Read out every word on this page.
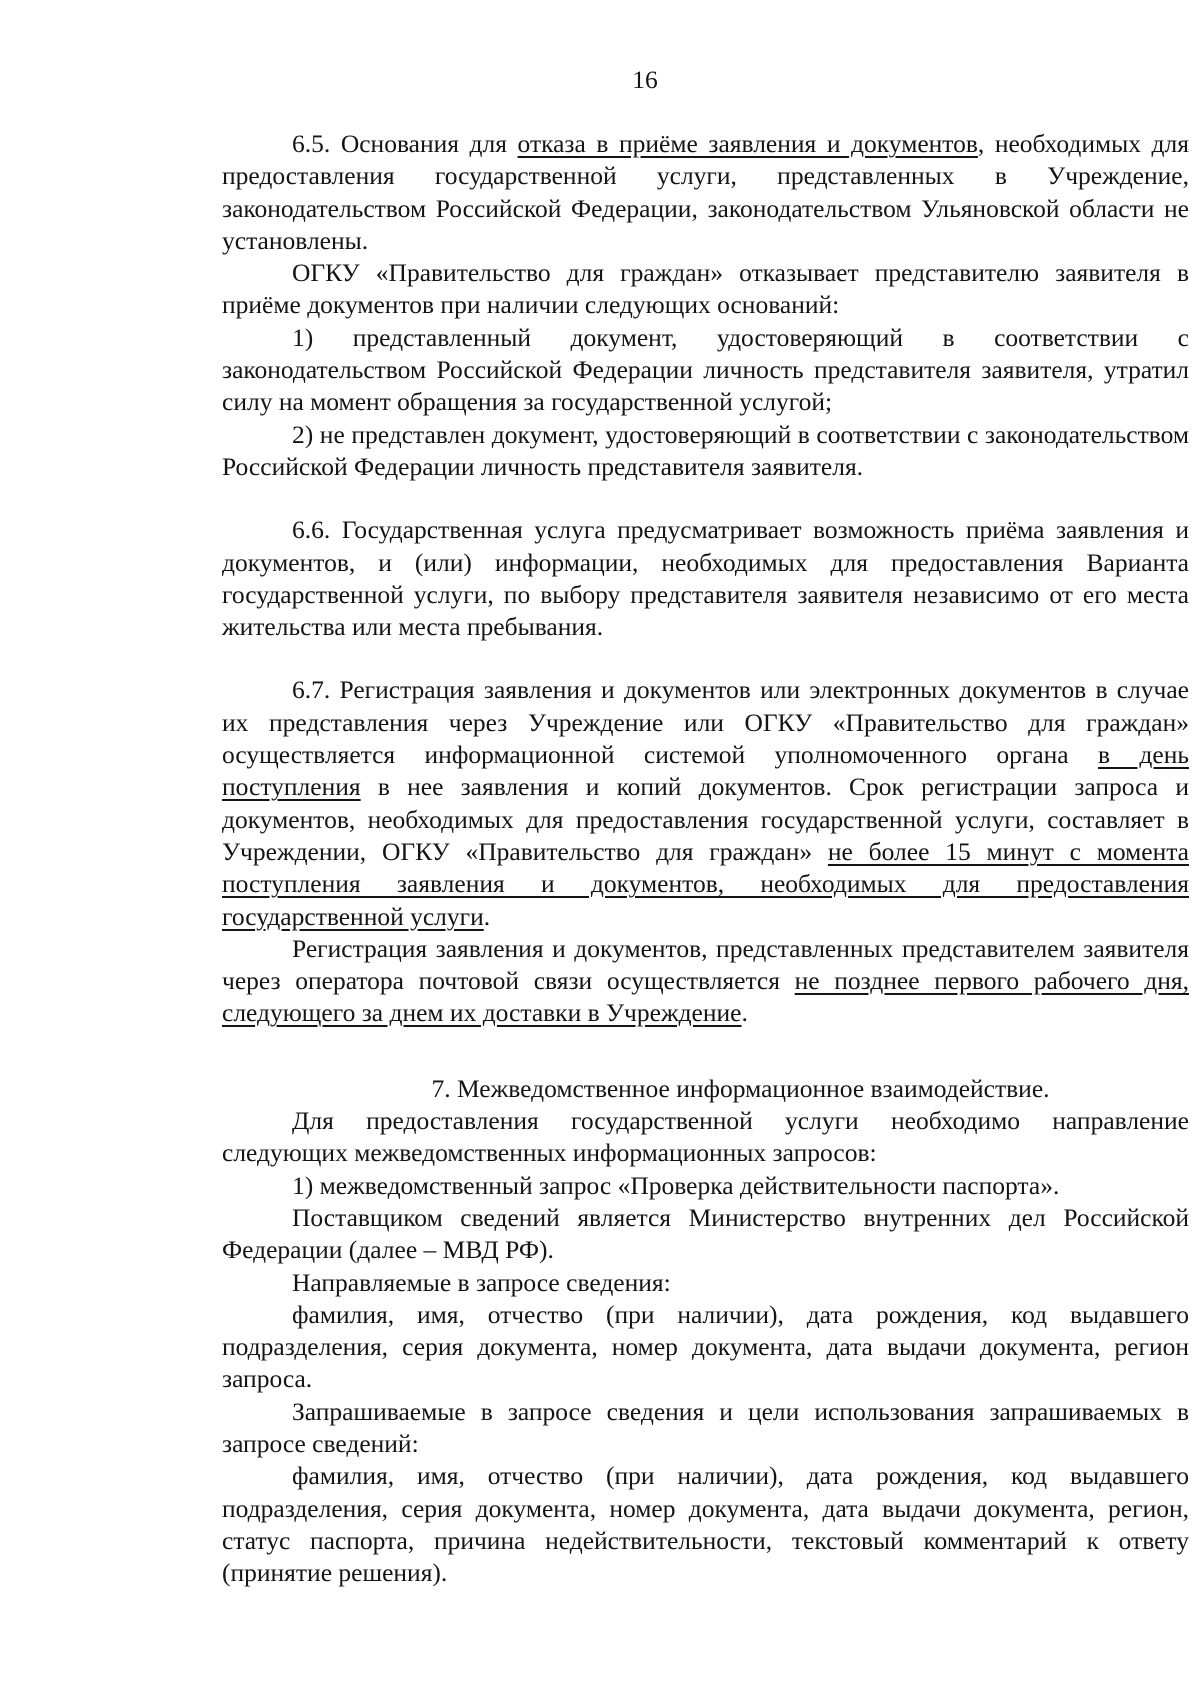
16

6.5. Основания для отказа в приёме заявления и документов, необходимых для предоставления государственной услуги, представленных в Учреждение, законодательством Российской Федерации, законодательством Ульяновской области не установлены.

ОГКУ «Правительство для граждан» отказывает представителю заявителя в приёме документов при наличии следующих оснований:

1) представленный документ, удостоверяющий в соответствии с законодательством Российской Федерации личность представителя заявителя, утратил силу на момент обращения за государственной услугой;

2) не представлен документ, удостоверяющий в соответствии с законодательством Российской Федерации личность представителя заявителя.

6.6. Государственная услуга предусматривает возможность приёма заявления и документов, и (или) информации, необходимых для предоставления Варианта государственной услуги, по выбору представителя заявителя независимо от его места жительства или места пребывания.

6.7. Регистрация заявления и документов или электронных документов в случае их представления через Учреждение или ОГКУ «Правительство для граждан» осуществляется информационной системой уполномоченного органа в день поступления в нее заявления и копий документов. Срок регистрации запроса и документов, необходимых для предоставления государственной услуги, составляет в Учреждении, ОГКУ «Правительство для граждан» не более 15 минут с момента поступления заявления и документов, необходимых для предоставления государственной услуги.

Регистрация заявления и документов, представленных представителем заявителя через оператора почтовой связи осуществляется не позднее первого рабочего дня, следующего за днем их доставки в Учреждение.

7. Межведомственное информационное взаимодействие.

Для предоставления государственной услуги необходимо направление следующих межведомственных информационных запросов:

1) межведомственный запрос «Проверка действительности паспорта».

Поставщиком сведений является Министерство внутренних дел Российской Федерации (далее – МВД РФ).

Направляемые в запросе сведения:

фамилия, имя, отчество (при наличии), дата рождения, код выдавшего подразделения, серия документа, номер документа, дата выдачи документа, регион запроса.

Запрашиваемые в запросе сведения и цели использования запрашиваемых в запросе сведений:

фамилия, имя, отчество (при наличии), дата рождения, код выдавшего подразделения, серия документа, номер документа, дата выдачи документа, регион, статус паспорта, причина недействительности, текстовый комментарий к ответу (принятие решения).
